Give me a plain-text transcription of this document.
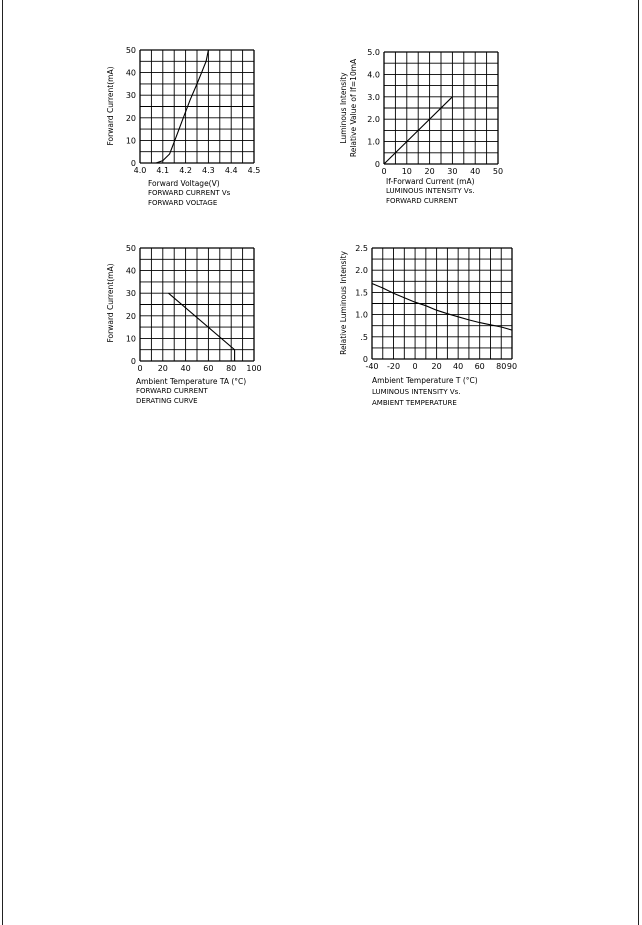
4.0 4.1 4.2 4.3 4.4 4.5
0
10
20
30
40
50
Forward Current(mA)
Forward Voltage(V)
FORWARD CURRENT Vs
FORWARD VOLTAGE
0 10 20 30 40 50
0
1.0
2.0
3.0
4.0
5.0
Luminous Intensity Relative Value of If=10mA
If-Forward Current (mA)
LUMINOUS INTENSITY Vs.
FORWARD CURRENT
0 20 40 60 80 100
0
10
20
30
40
50
Forward Current(mA)
Ambient Temperature TA (°C)
FORWARD CURRENT
DERATING CURVE
-40 -20 0 20 40 60 80 90
0
.5
1.0
1.5
2.0
2.5
Relative Luminous Intensity
Ambient Temperature T (°C)
LUMINOUS INTENSITY Vs.
AMBIENT TEMPERATURE
